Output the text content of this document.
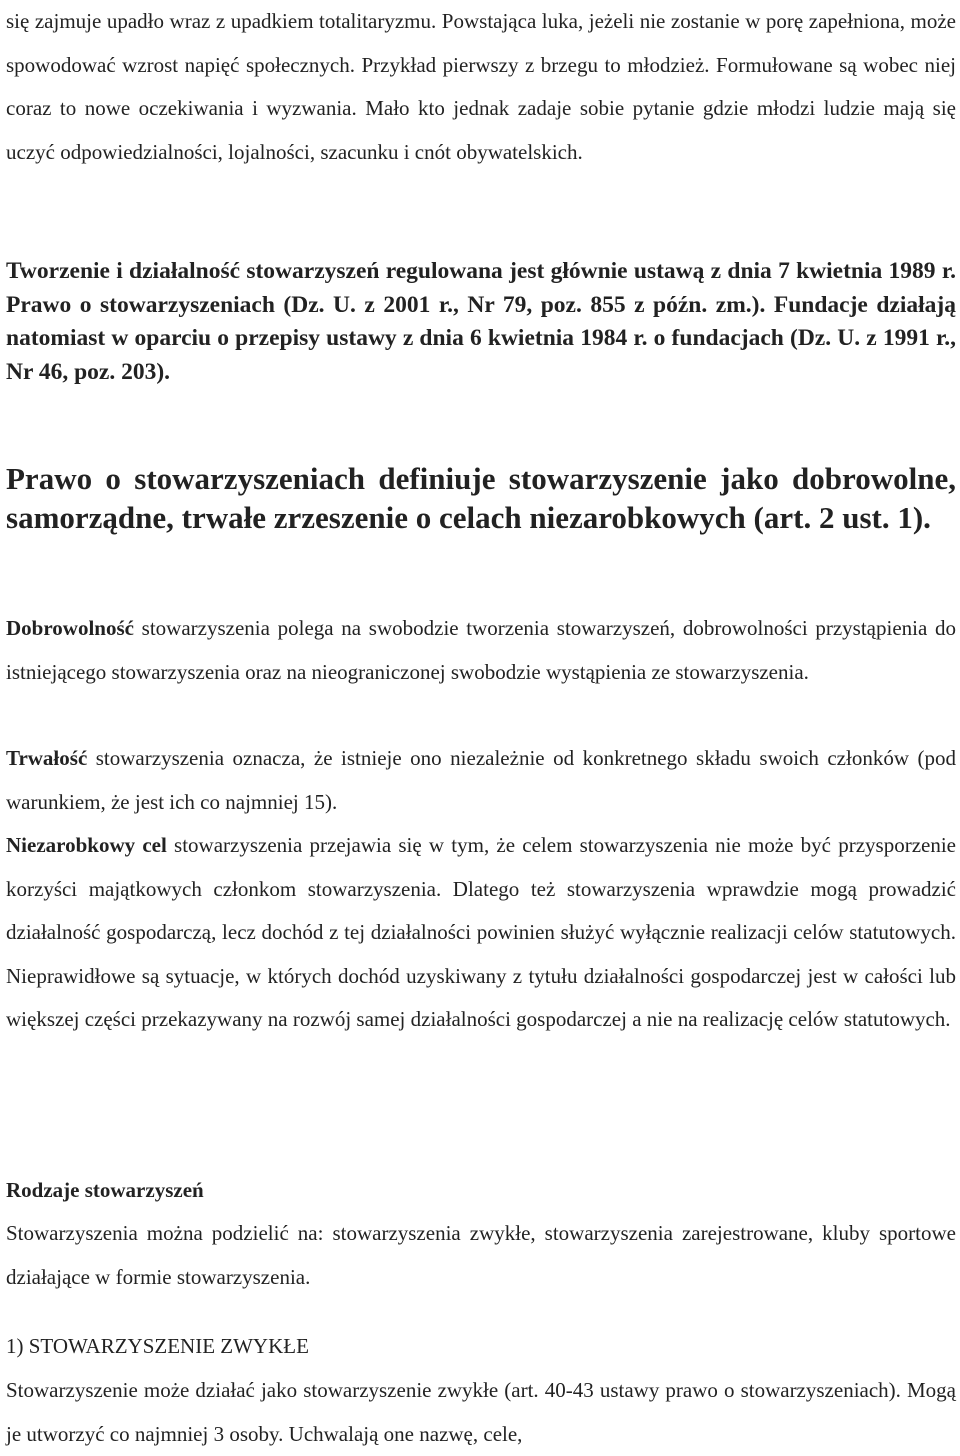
się zajmuje upadło wraz z upadkiem totalitaryzmu. Powstająca luka, jeżeli nie zostanie w porę zapełniona, może spowodować wzrost napięć społecznych. Przykład pierwszy z brzegu to młodzież. Formułowane są wobec niej coraz to nowe oczekiwania i wyzwania. Mało kto jednak zadaje sobie pytanie gdzie młodzi ludzie mają się uczyć odpowiedzialności, lojalności, szacunku i cnót obywatelskich.

Tworzenie i działalność stowarzyszeń regulowana jest głównie ustawą z dnia 7 kwietnia 1989 r. Prawo o stowarzyszeniach (Dz. U. z 2001 r., Nr 79, poz. 855 z późn. zm.). Fundacje działają natomiast w oparciu o przepisy ustawy z dnia 6 kwietnia 1984 r. o fundacjach (Dz. U. z 1991 r., Nr 46, poz. 203).

Prawo o stowarzyszeniach definiuje stowarzyszenie jako dobrowolne, samorządne, trwałe zrzeszenie o celach niezarobkowych (art. 2 ust. 1).

Dobrowolność stowarzyszenia polega na swobodzie tworzenia stowarzyszeń, dobrowolności przystąpienia do istniejącego stowarzyszenia oraz na nieograniczonej swobodzie wystąpienia ze stowarzyszenia.

Trwałość stowarzyszenia oznacza, że istnieje ono niezależnie od konkretnego składu swoich członków (pod warunkiem, że jest ich co najmniej 15).

Niezarobkowy cel stowarzyszenia przejawia się w tym, że celem stowarzyszenia nie może być przysporzenie korzyści majątkowych członkom stowarzyszenia. Dlatego też stowarzyszenia wprawdzie mogą prowadzić działalność gospodarczą, lecz dochód z tej działalności powinien służyć wyłącznie realizacji celów statutowych. Nieprawidłowe są sytuacje, w których dochód uzyskiwany z tytułu działalności gospodarczej jest w całości lub większej części przekazywany na rozwój samej działalności gospodarczej a nie na realizację celów statutowych.

Rodzaje stowarzyszeń

Stowarzyszenia można podzielić na: stowarzyszenia zwykłe, stowarzyszenia zarejestrowane, kluby sportowe działające w formie stowarzyszenia.

1) STOWARZYSZENIE ZWYKŁE

Stowarzyszenie może działać jako stowarzyszenie zwykłe (art. 40-43 ustawy prawo o stowarzyszeniach). Mogą je utworzyć co najmniej 3 osoby. Uchwalają one nazwę, cele,
